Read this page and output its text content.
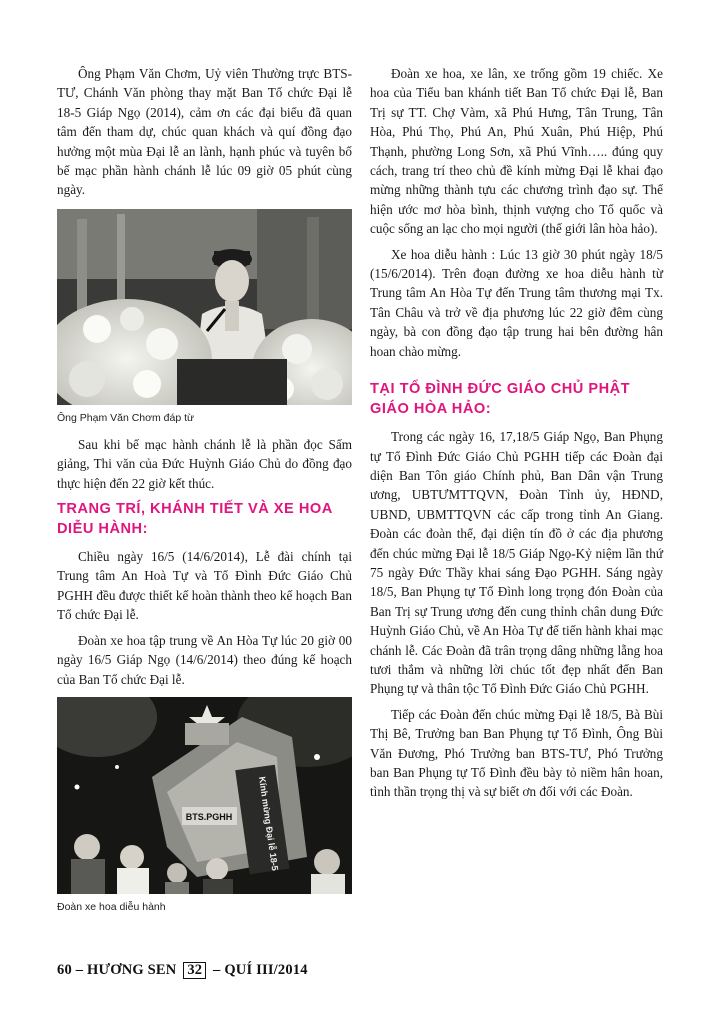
Ông Phạm Văn Chơm, Uỷ viên Thường trực BTS-TƯ, Chánh Văn phòng thay mặt Ban Tổ chức Đại lễ 18-5 Giáp Ngọ (2014), cảm ơn các đại biểu đã quan tâm đến tham dự, chúc quan khách và quí đồng đạo hưởng một mùa Đại lễ an lành, hạnh phúc và tuyên bố bế mạc phần hành chánh lễ lúc 09 giờ 05 phút cùng ngày.

Ông Phạm Văn Chơm đáp từ

Sau khi bế mạc hành chánh lễ là phần đọc Sấm giảng, Thi văn của Đức Huỳnh Giáo Chủ do đồng đạo thực hiện đến 22 giờ kết thúc.

TRANG TRÍ, KHÁNH TIẾT VÀ XE HOA DIỄU HÀNH:

Chiều ngày 16/5 (14/6/2014), Lễ đài chính tại Trung tâm An Hoà Tự và Tổ Đình Đức Giáo Chủ PGHH đều được thiết kế hoàn thành theo kế hoạch Ban Tổ chức Đại lễ.

Đoàn xe hoa tập trung về An Hòa Tự lúc 20 giờ 00 ngày 16/5 Giáp Ngọ (14/6/2014) theo đúng kế hoạch của Ban Tổ chức Đại lễ.

BTS.PGHH	Kính mừng Đại lễ 18-5
Đoàn xe hoa diễu hành

Đoàn xe hoa, xe lân, xe trống gồm 19 chiếc. Xe hoa của Tiểu ban khánh tiết Ban Tổ chức Đại lễ, Ban Trị sự TT. Chợ Vàm, xã Phú Hưng, Tân Trung, Tân Hòa, Phú Thọ, Phú An, Phú Xuân, Phú Hiệp, Phú Thạnh, phường Long Sơn, xã Phú Vĩnh….. đúng quy cách, trang trí theo chủ đề kính mừng Đại lễ khai đạo mừng những thành tựu các chương trình đạo sự. Thể hiện ước mơ hòa bình, thịnh vượng cho Tổ quốc và cuộc sống an lạc cho mọi người (thế giới lân hòa hảo).

Xe hoa diễu hành : Lúc 13 giờ 30 phút ngày 18/5 (15/6/2014). Trên đoạn đường xe hoa diễu hành từ Trung tâm An Hòa Tự đến Trung tâm thương mại Tx. Tân Châu và trở về địa phương lúc 22 giờ đêm cùng ngày, bà con đồng đạo tập trung hai bên đường hân hoan chào mừng.

TẠI TỔ ĐÌNH ĐỨC GIÁO CHỦ PHẬT GIÁO HÒA HẢO:

Trong các ngày 16, 17,18/5 Giáp Ngọ, Ban Phụng tự Tổ Đình Đức Giáo Chủ PGHH tiếp các Đoàn đại diện Ban Tôn giáo Chính phủ, Ban Dân vận Trung ương, UBTƯMTTQVN, Đoàn Tỉnh ủy, HĐND, UBND, UBMTTQVN các cấp trong tỉnh An Giang. Đoàn các đoàn thể, đại diện tín đồ ở các địa phương đến chúc mừng Đại lễ 18/5 Giáp Ngọ-Kỷ niệm lần thứ 75 ngày Đức Thầy khai sáng Đạo PGHH. Sáng ngày 18/5, Ban Phụng tự Tổ Đình long trọng đón Đoàn của Ban Trị sự Trung ương đến cung thỉnh chân dung Đức Huỳnh Giáo Chủ, về An Hòa Tự để tiến hành khai mạc chánh lễ. Các Đoàn đã trân trọng dâng những lẵng hoa tươi thắm và những lời chúc tốt đẹp nhất đến Ban Phụng tự và thân tộc Tổ Đình Đức Giáo Chủ PGHH.

Tiếp các Đoàn đến chúc mừng Đại lễ 18/5, Bà Bùi Thị Bê, Trưởng ban Ban Phụng tự Tổ Đình, Ông Bùi Văn Đương, Phó Trưởng ban BTS-TƯ, Phó Trưởng ban Ban Phụng tự Tổ Đình đều bày tỏ niềm hân hoan, tình thần trọng thị và sự biết ơn đối với các Đoàn.

60 – HƯƠNG SEN 32 – QUÍ III/2014
